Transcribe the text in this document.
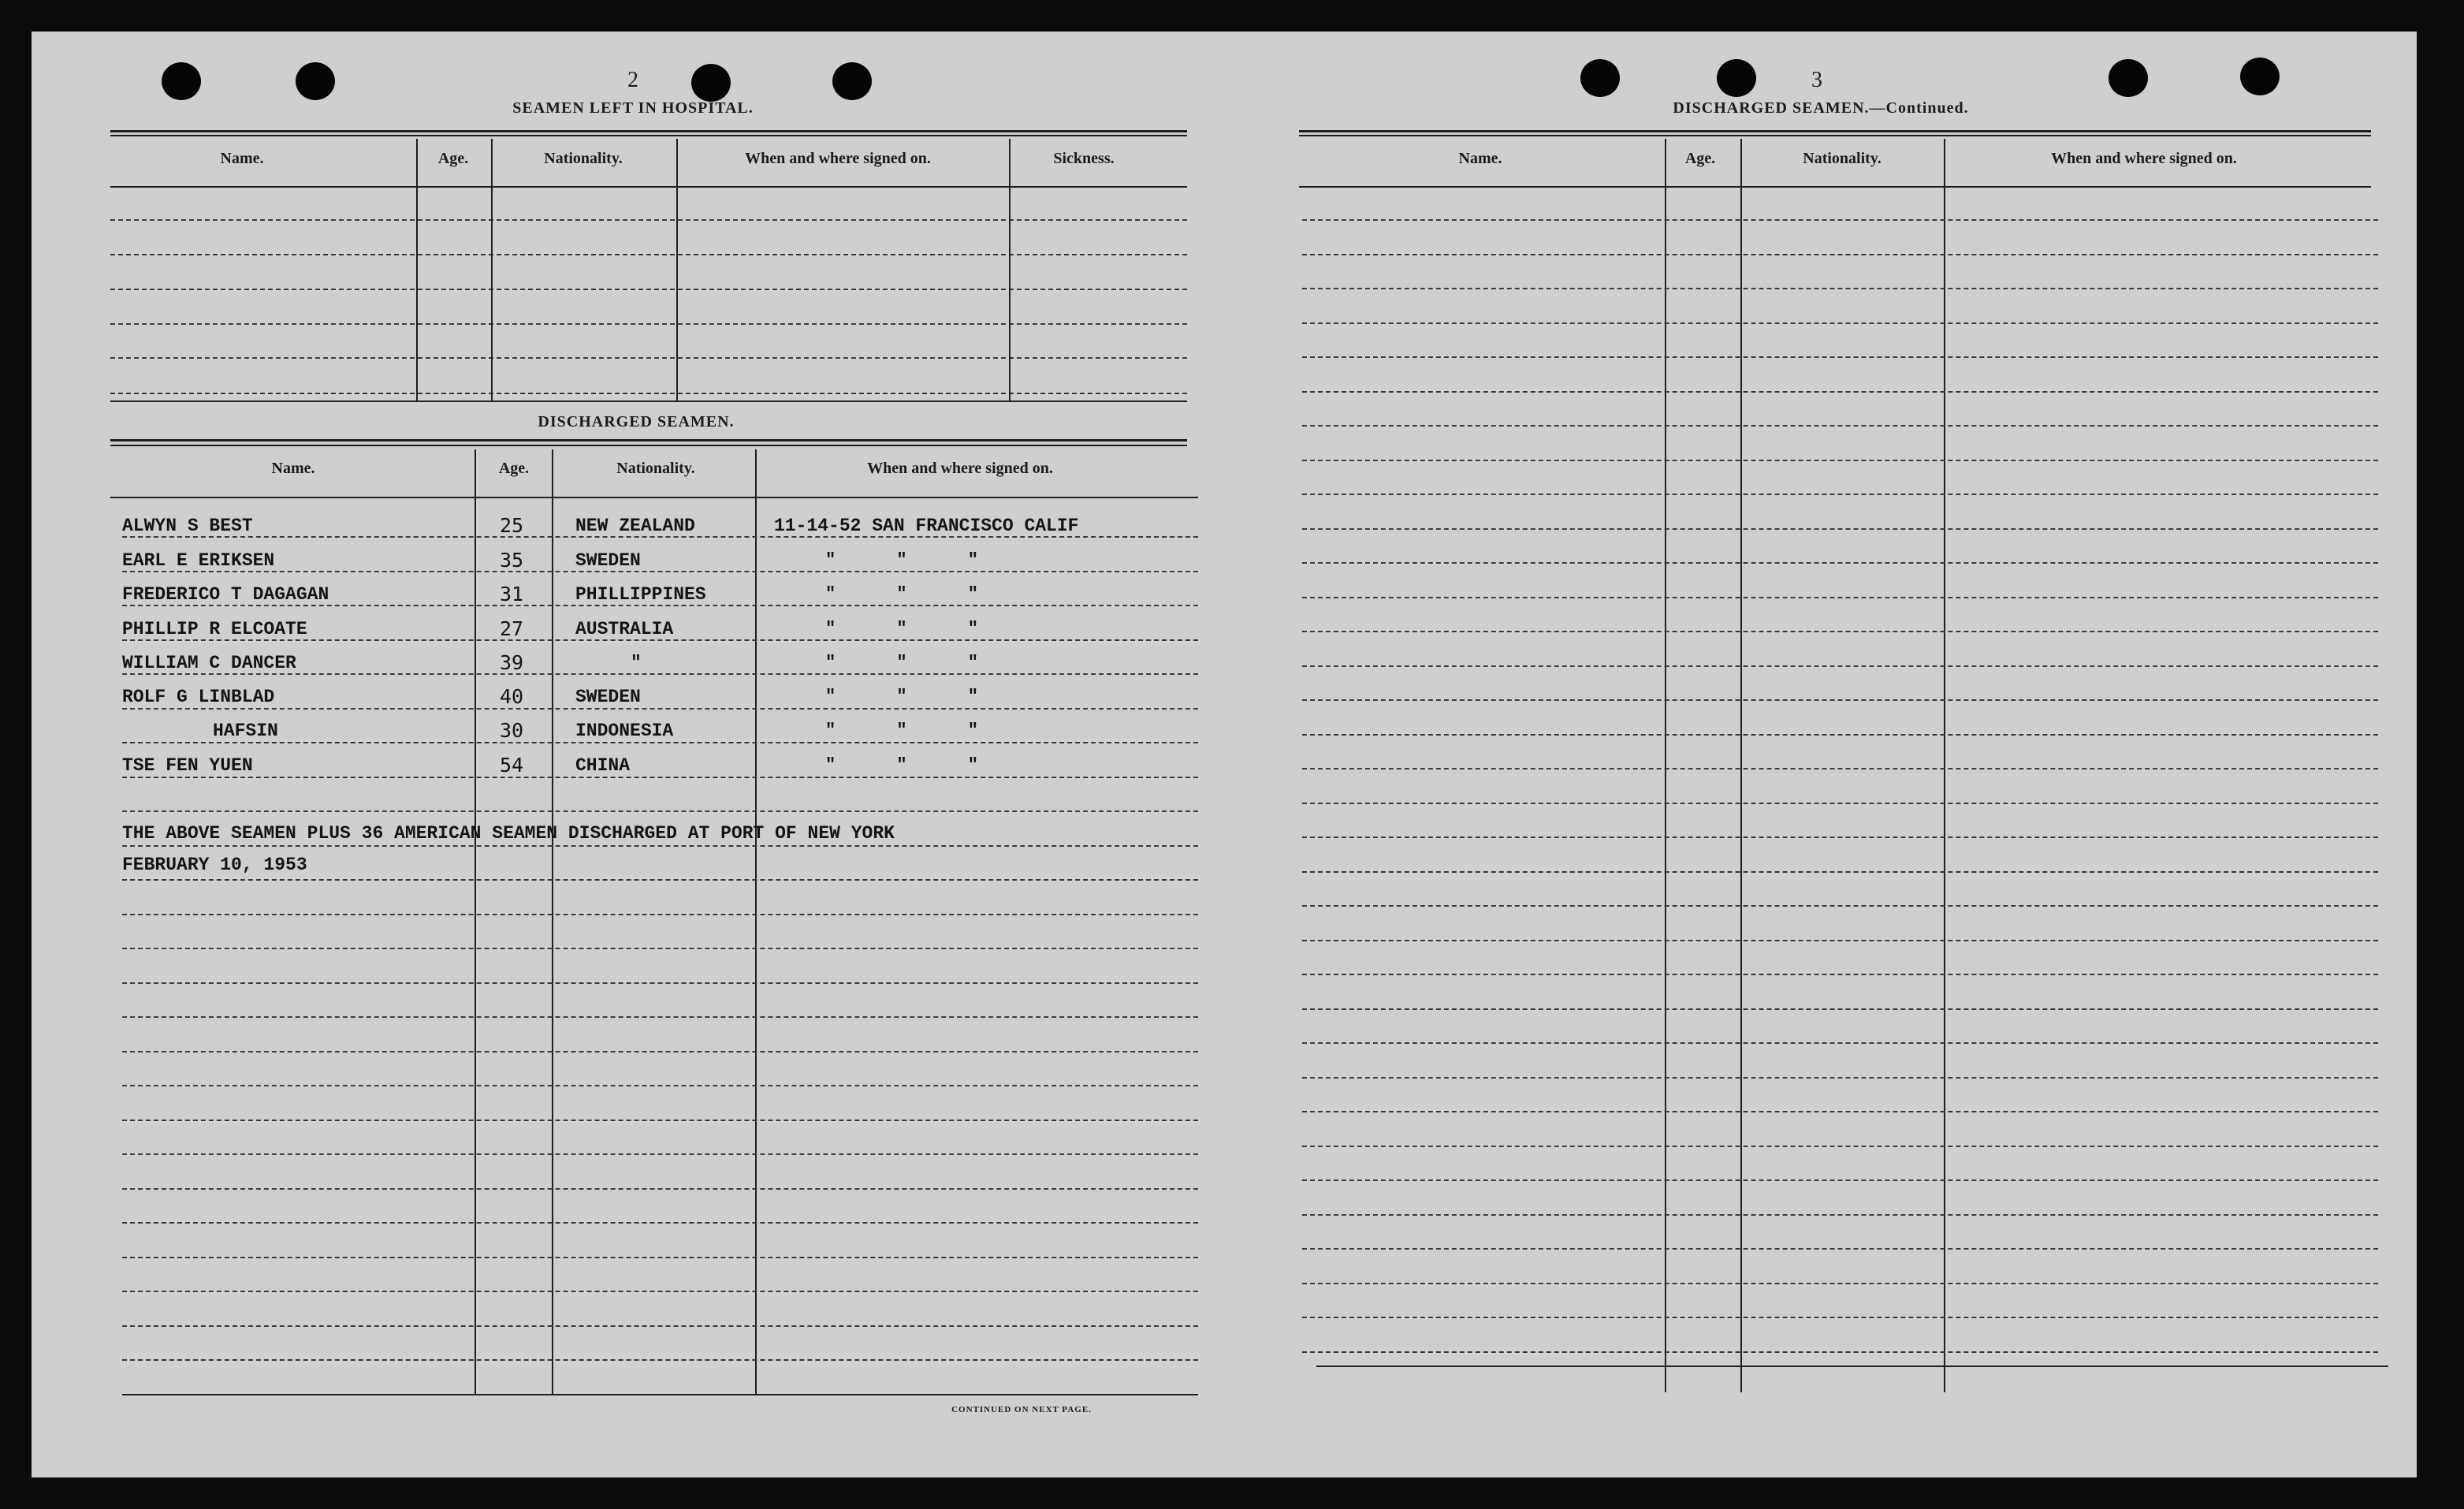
2
SEAMEN LEFT IN HOSPITAL.
Name.	Age.	Nationality.	When and where signed on.	Sickness.
DISCHARGED SEAMEN.
Name.	Age.	Nationality.	When and where signed on.
ALWYN S BEST	25	NEW ZEALAND	11-14-52 SAN FRANCISCO CALIF
EARL E ERIKSEN	35	SWEDEN	" " "
FREDERICO T DAGAGAN	31	PHILLIPPINES	" " "
PHILLIP R ELCOATE	27	AUSTRALIA	" " "
WILLIAM C DANCER	39	"	" " "
ROLF G LINBLAD	40	SWEDEN	" " "
HAFSIN	30	INDONESIA	" " "
TSE FEN YUEN	54	CHINA	" " "
THE ABOVE SEAMEN PLUS 36 AMERICAN SEAMEN DISCHARGED AT PORT OF NEW YORK
FEBRUARY 10, 1953
CONTINUED ON NEXT PAGE.
3
DISCHARGED SEAMEN.—Continued.
Name.	Age.	Nationality.	When and where signed on.
